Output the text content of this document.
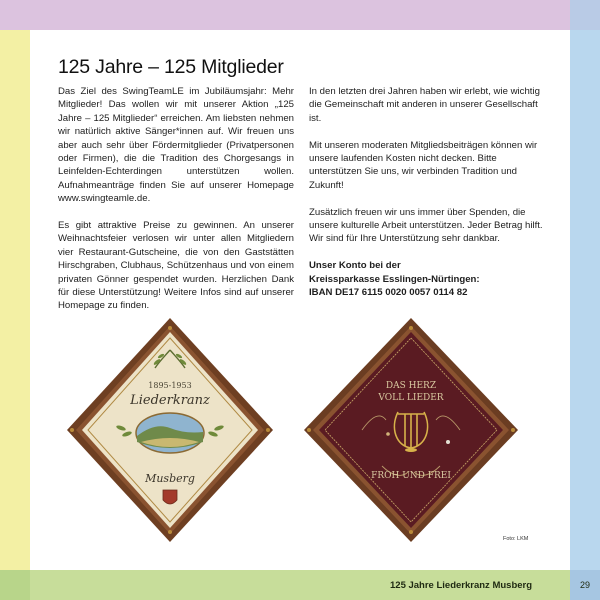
125 Jahre – 125 Mitglieder

Das Ziel des SwingTeamLE im Jubiläumsjahr: Mehr Mitglieder! Das wollen wir mit unserer Aktion „125 Jahre – 125 Mitglieder“ erreichen. Am liebsten nehmen wir natürlich aktive Sänger*innen auf. Wir freuen uns aber auch sehr über Fördermitglieder (Privatpersonen oder Firmen), die die Tradition des Chorgesangs in Leinfelden-Echterdingen unterstützen wollen. Aufnahmeanträge finden Sie auf unserer Homepage www.swingteamle.de.

Es gibt attraktive Preise zu gewinnen. An unserer Weihnachtsfeier verlosen wir unter allen Mitgliedern vier Restaurant-Gutscheine, die von den Gaststätten Hirschgraben, Clubhaus, Schützenhaus und von einem privaten Gönner gespendet wurden. Herzlichen Dank für diese Unterstützung! Weitere Infos sind auf unserer Homepage zu finden.

In den letzten drei Jahren haben wir erlebt, wie wichtig die Gemeinschaft mit anderen in unserer Gesellschaft ist.

Mit unseren moderaten Mitgliedsbeiträgen können wir unsere laufenden Kosten nicht decken. Bitte unterstützen Sie uns, wir verbinden Tradition und Zukunft!

Zusätzlich freuen wir uns immer über Spenden, die unsere kulturelle Arbeit unterstützen. Jeder Betrag hilft. Wir sind für Ihre Unterstützung sehr dankbar.

Unser Konto bei der
Kreissparkasse Esslingen-Nürtingen:
IBAN DE17 6115 0020 0057 0114 82
1895-1953
Liederkranz
Musberg
DAS HERZ
VOLL LIEDER
FROH UND FREI
Foto: LKM
125 Jahre Liederkranz Musberg	29
